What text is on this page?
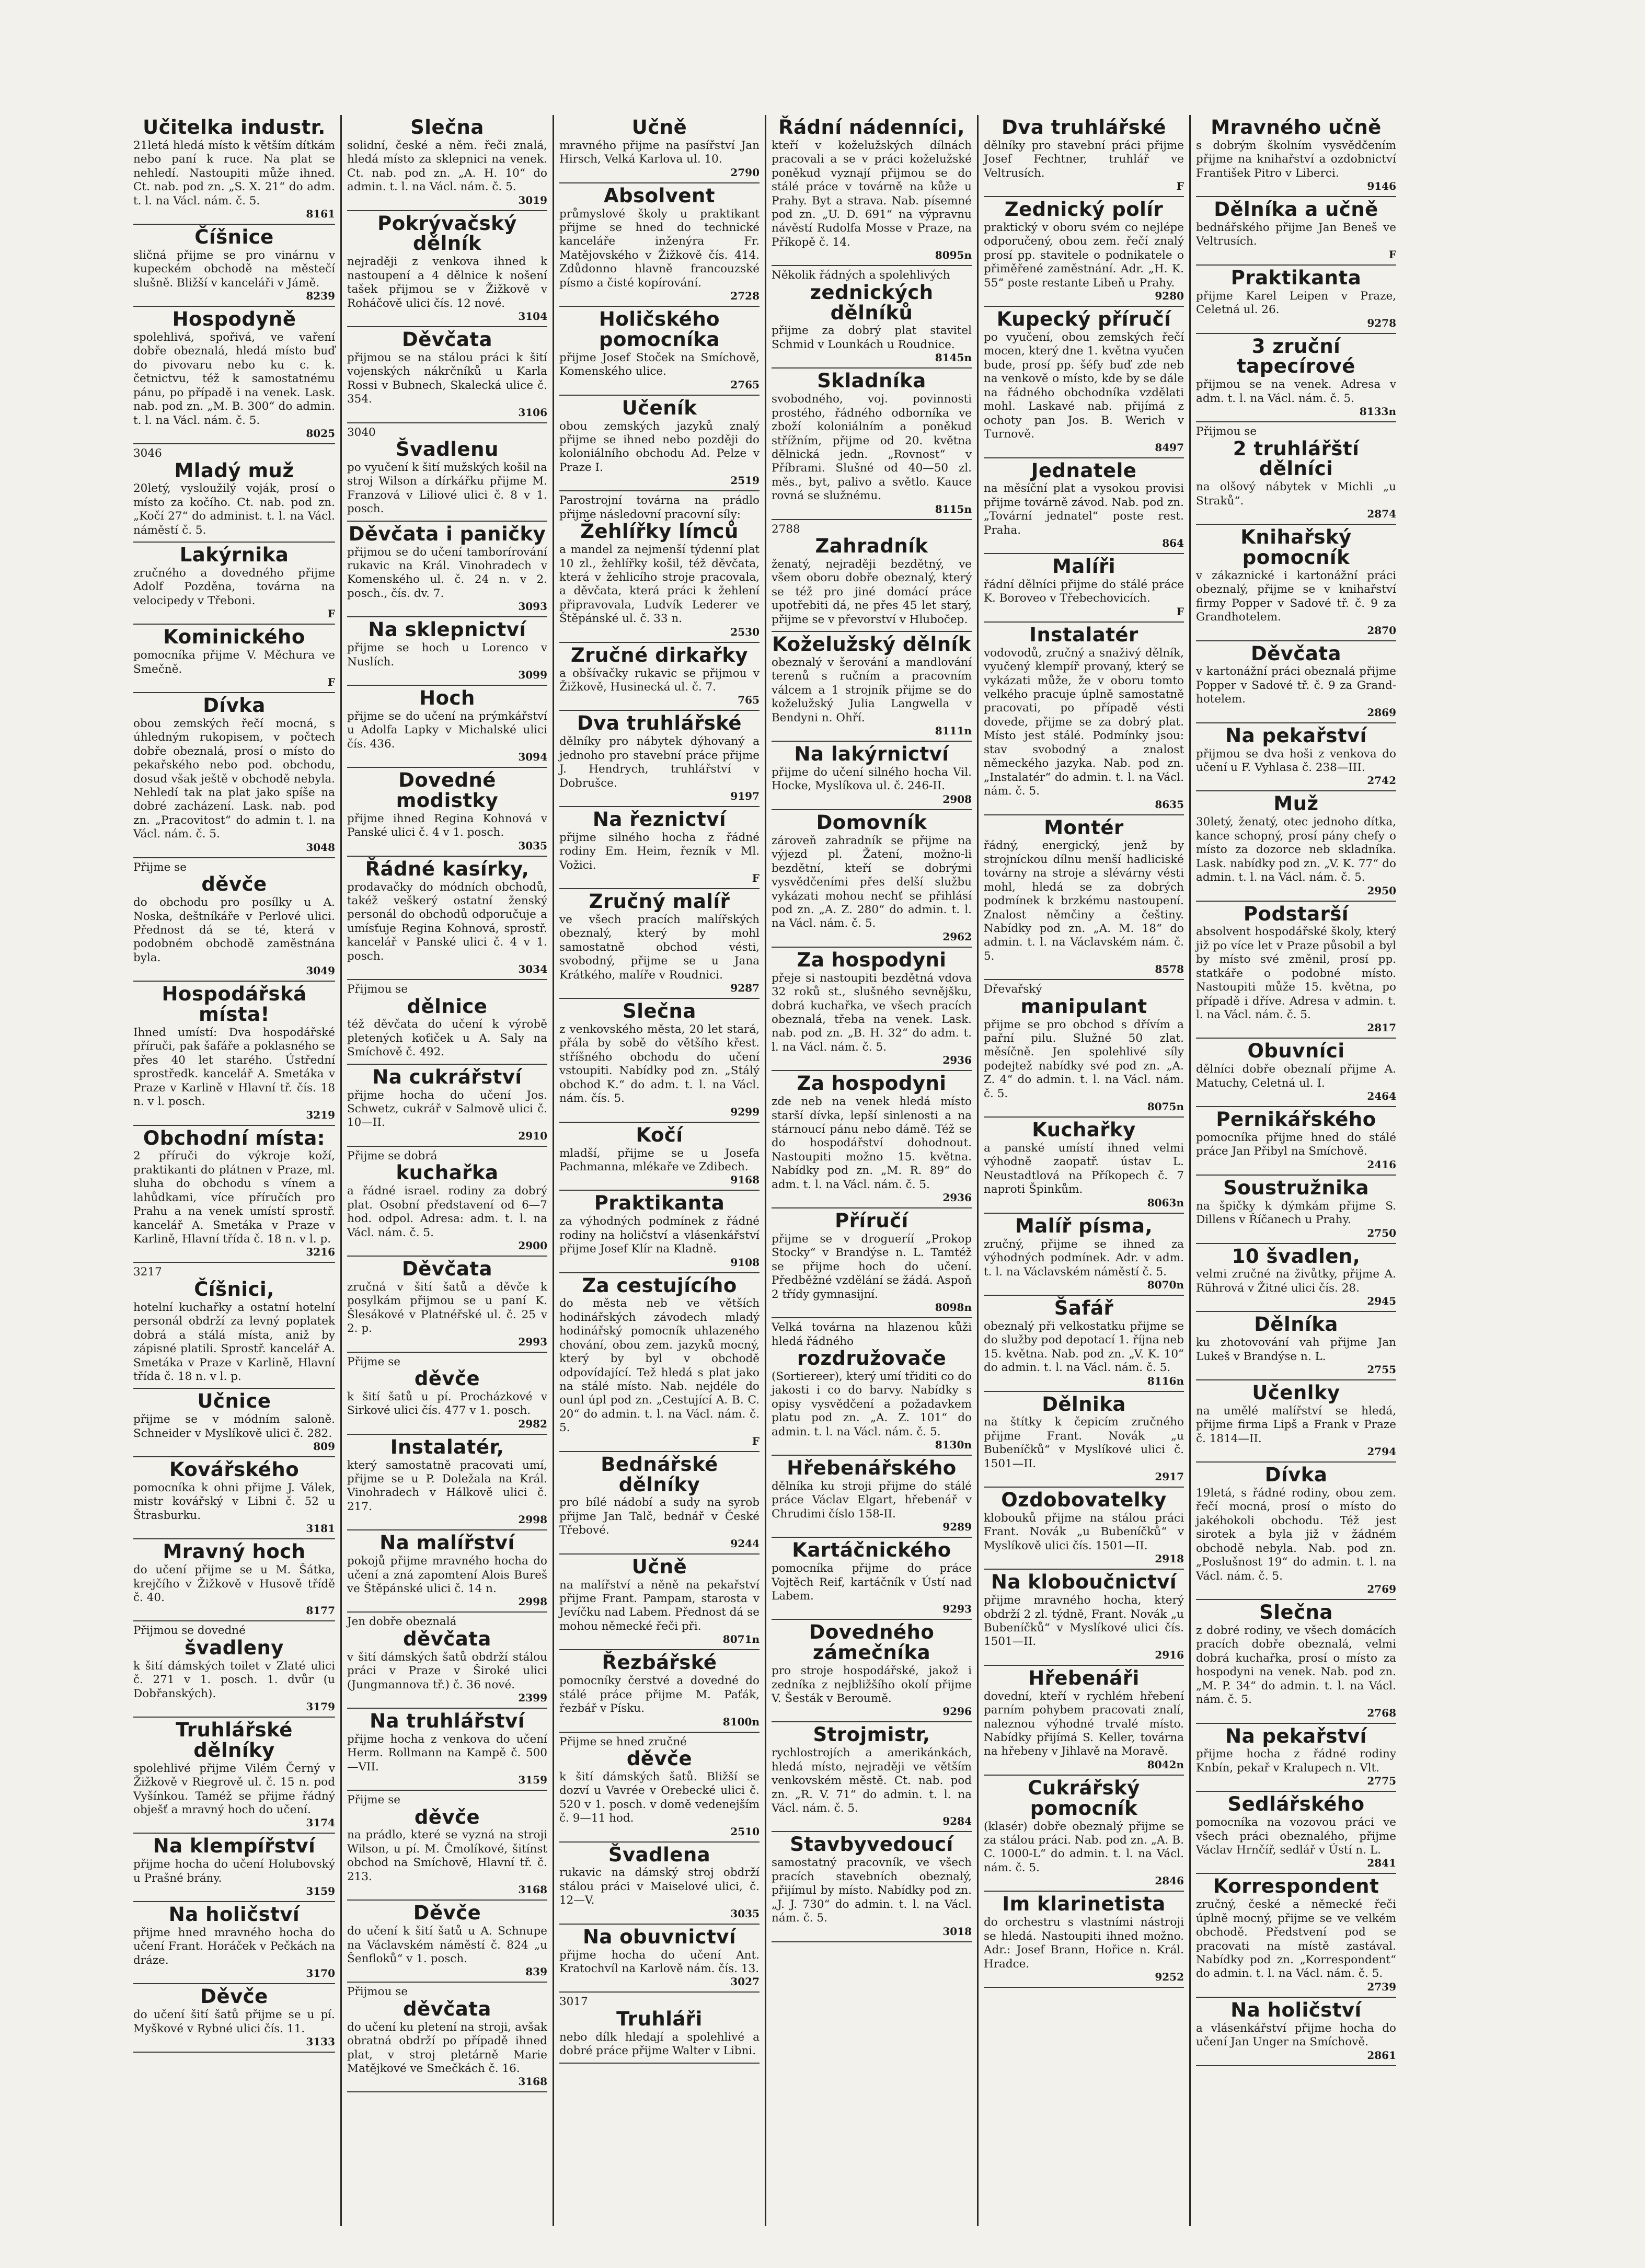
Učitelka industr.

21letá hledá místo k větším dítkám nebo paní k ruce. Na plat se nehledí. Nastoupiti může ihned. Ct. nab. pod zn. „S. X. 21“ do adm. t. l. na Václ. nám. č. 5.

8161
Číšnice

sličná přijme se pro vinárnu v kupeckém obchodě na městečí slušně. Bližší v kanceláři v Jámě.

8239
Hospodyně

spolehlivá, spořivá, ve vaření dobře obeznalá, hledá místo buď do pivovaru nebo ku c. k. četnictvu, též k samostatnému pánu, po případě i na venek. Lask. nab. pod zn. „M. B. 300“ do admin. t. l. na Václ. nám. č. 5.

8025

3046

Mladý muž

20letý, vysloužilý voják, prosí o místo za kočího. Ct. nab. pod zn. „Kočí 27“ do administ. t. l. na Václ. náměstí č. 5.

Lakýrnika

zručného a dovedného přijme Adolf Pozděna, továrna na velocipedy v Třeboni.

F
Kominického

pomocníka přijme V. Měchura ve Smečně.

F
Dívka

obou zemských řečí mocná, s úhledným rukopisem, v počtech dobře obeznalá, prosí o místo do pekařského nebo pod. obchodu, dosud však ještě v obchodě nebyla. Nehledí tak na plat jako spíše na dobré zacházení. Lask. nab. pod zn. „Pracovitost“ do admin t. l. na Václ. nám. č. 5.

3048

Přijme se

děvče

do obchodu pro posílky u A. Noska, deštníkáře v Perlové ulici. Přednost dá se té, která v podobném obchodě zaměstnána byla.

3049
Hospodářská místa!

Ihned umístí: Dva hospodářské příruči, pak šafáře a poklasného se přes 40 let starého. Ústřední sprostředk. kancelář A. Smetáka v Praze v Karlině v Hlavní tř. čís. 18 n. v l. posch.

3219
Obchodní místa:

2 příruči do výkroje koží, praktikanti do plátnen v Praze, ml. sluha do obchodu s vínem a lahůdkami, více příručích pro Prahu a na venek umístí sprostř. kancelář A. Smetáka v Praze v Karlině, Hlavní třída č. 18 n. v l. p.

3216

3217

Číšnici,

hotelní kuchařky a ostatní hotelní personál obdrží za levný poplatek dobrá a stálá místa, aniž by zápisné platili. Sprostř. kancelář A. Smetáka v Praze v Karlině, Hlavní třída č. 18 n. v l. p.

Učnice

přijme se v módním saloně. Schneider v Myslíkově ulici č. 282.

809
Kovářského

pomocníka k ohni přijme J. Válek, mistr kovářský v Libni č. 52 u Štrasburku.

3181
Mravný hoch

do učení přijme se u M. Šátka, krejčího v Žižkově v Husově třídě č. 40.

8177

Přijmou se dovedné

švadleny

k šití dámských toilet v Zlaté ulici č. 271 v 1. posch. 1. dvůr (u Dobřanských).

3179
Truhlářské dělníky

spolehlivé přijme Vilém Černý v Žižkově v Riegrově ul. č. 15 n. pod Vyšínkou. Taméž se přijme řádný obješť a mravný hoch do učení.

3174
Na klempířství

přijme hocha do učení Holubovský u Prašné brány.

3159
Na holičství

přijme hned mravného hocha do učení Frant. Horáček v Pečkách na dráze.

3170
Děvče

do učení šití šatů přijme se u pí. Myškové v Rybné ulici čís. 11.

3133
Slečna

solidní, české a něm. řeči znalá, hledá místo za sklepnici na venek. Ct. nab. pod zn. „A. H. 10“ do admin. t. l. na Václ. nám. č. 5.

3019
Pokrývačský dělník

nejraději z venkova ihned k nastoupení a 4 dělnice k nošení tašek přijmou se v Žižkově v Roháčově ulici čís. 12 nové.

3104
Děvčata

přijmou se na stálou práci k šití vojenských nákrčníků u Karla Rossi v Bubnech, Skalecká ulice č. 354.

3106

3040

Švadlenu

po vyučení k šití mužských košil na stroj Wilson a dírkářku přijme M. Franzová v Liliové ulici č. 8 v 1. posch.

Děvčata i paničky

přijmou se do učení tamborírování rukavic na Král. Vinohradech v Komenského ul. č. 24 n. v 2. posch., čís. dv. 7.

3093
Na sklepnictví

přijme se hoch u Lorenco v Nuslích.

3099
Hoch

přijme se do učení na prýmkářství u Adolfa Lapky v Michalské ulici čís. 436.

3094
Dovedné modistky

přijme ihned Regina Kohnová v Panské ulici č. 4 v 1. posch.

3035
Řádné kasírky,

prodavačky do módních obchodů, takéž veškerý ostatní ženský personál do obchodů odporučuje a umísťuje Regina Kohnová, sprostř. kancelář v Panské ulici č. 4 v 1. posch.

3034

Přijmou se

dělnice

též děvčata do učení k výrobě pletených koťiček u A. Saly na Smíchově č. 492.

Na cukrářství

přijme hocha do učení Jos. Schwetz, cukrář v Salmově ulici č. 10—II.

2910

Přijme se dobrá

kuchařka

a řádné israel. rodiny za dobrý plat. Osobní představení od 6—7 hod. odpol. Adresa: adm. t. l. na Václ. nám. č. 5.

2900
Děvčata

zručná v šití šatů a děvče k posylkám přijmou se u paní K. Šlesákové v Platnéřské ul. č. 25 v 2. p.

2993

Přijme se

děvče

k šití šatů u pí. Procházkové v Sirkové ulici čís. 477 v 1. posch.

2982
Instalatér,

který samostatně pracovati umí, přijme se u P. Doležala na Král. Vinohradech v Hálkově ulici č. 217.

2998
Na malířství

pokojů přijme mravného hocha do učení a zná zapomtení Alois Bureš ve Štěpánské ulici č. 14 n.

2998

Jen dobře obeznalá

děvčata

v šití dámských šatů obdrží stálou práci v Praze v Široké ulici (Jungmannova tř.) č. 36 nové.

2399
Na truhlářství

přijme hocha z venkova do učení Herm. Rollmann na Kampě č. 500—VII.

3159

Přijme se

děvče

na prádlo, které se vyzná na stroji Wilson, u pí. M. Čmolíkové, šitínst obchod na Smíchově, Hlavní tř. č. 213.

3168
Děvče

do učení k šití šatů u A. Schnupe na Václavském náměstí č. 824 „u Šenfloků“ v 1. posch.

839

Přijmou se

děvčata

do učení ku pletení na stroji, avšak obratná obdrží po případě ihned plat, v stroj pletárně Marie Matějkové ve Smečkách č. 16.

3168
Učně

mravného přijme na pasířství Jan Hirsch, Velká Karlova ul. 10.

2790
Absolvent

průmyslové školy u praktikant přijme se hned do technické kanceláře inženýra Fr. Matějovského v Žižkově čís. 414. Zdůdonno hlavně francouzské písmo a čisté kopírování.

2728
Holičského pomocníka

přijme Josef Stoček na Smíchově, Komenského ulice.

2765
Učeník

obou zemských jazyků znalý přijme se ihned nebo později do koloniálního obchodu Ad. Pelze v Praze I.

2519

Parostrojní továrna na prádlo přijme následovní pracovní síly:

Žehlířky límců

a mandel za nejmenší týdenní plat 10 zl., žehlířky košil, též děvčata, která v žehlicího stroje pracovala, a děvčata, která práci k žehlení připravovala, Ludvík Lederer ve Štěpánské ul. č. 33 n.

2530
Zručné dirkařky

a obšívačky rukavic se přijmou v Žižkově, Husinecká ul. č. 7.

765
Dva truhlářské

dělníky pro nábytek dýhovaný a jednoho pro stavební práce přijme J. Hendrych, truhlářství v Dobrušce.

9197
Na řeznictví

přijme silného hocha z řádné rodiny Em. Heim, řezník v Ml. Vožici.

F
Zručný malíř

ve všech pracích malířských obeznalý, který by mohl samostatně obchod vésti, svobodný, přijme se u Jana Krátkého, malíře v Roudnici.

9287
Slečna

z venkovského města, 20 let stará, přála by sobě do většího křest. stříšného obchodu do učení vstoupiti. Nabídky pod zn. „Stálý obchod K.“ do adm. t. l. na Václ. nám. čís. 5.

9299
Kočí

mladší, přijme se u Josefa Pachmanna, mlékaře ve Zdibech.

9168
Praktikanta

za výhodných podmínek z řádné rodiny na holičství a vlásenkářství přijme Josef Klír na Kladně.

9108
Za cestujícího

do města neb ve větších hodinářských závodech mladý hodinářský pomocník uhlazeného chování, obou zem. jazyků mocný, který by byl v obchodě odpovídající. Tež hledá s plat jako na stálé místo. Nab. nejdéle do ounl úpl pod zn. „Cestující A. B. C. 20“ do admin. t. l. na Václ. nám. č. 5.

F
Bednářské dělníky

pro bílé nádobí a sudy na syrob přijme Jan Talč, bednář v České Třebové.

9244
Učně

na malířství a něně na pekařství přijme Frant. Pampam, starosta v Jevíčku nad Labem. Přednost dá se mohou německé řeči při.

8071n
Řezbářské

pomocníky čerstvé a dovedné do stálé práce přijme M. Paťák, řezbář v Písku.

8100n

Přijme se hned zručné

děvče

k šití dámských šatů. Bližší se dozví u Vavrée v Orebecké ulici č. 520 v 1. posch. v domě vedenejším č. 9—11 hod.

2510
Švadlena

rukavic na dámský stroj obdrží stálou práci v Maiselové ulici, č. 12—V.

3035
Na obuvnictví

přijme hocha do učení Ant. Kratochvíl na Karlově nám. čís. 13.

3027

3017

Truhláři

nebo dílk hledají a spolehlivé a dobré práce přijme Walter v Libni.

Řádní nádenníci,

kteří v koželužských dílnách pracovali a se v práci koželužské poněkud vyznají přijmou se do stálé práce v továrně na kůže u Prahy. Byt a strava. Nab. písemné pod zn. „U. D. 691“ na výpravnu návěstí Rudolfa Mosse v Praze, na Příkopě č. 14.

8095n

Několik řádných a spolehlivých

zednických dělníků

přijme za dobrý plat stavitel Schmid v Lounkách u Roudnice.

8145n
Skladníka

svobodného, voj. povinnosti prostého, řádného odborníka ve zboží koloniálním a poněkud střížním, přijme od 20. května dělnická jedn. „Rovnost“ v Příbrami. Slušné od 40—50 zl. měs., byt, palivo a světlo. Kauce rovná se služnému.

8115n

2788

Zahradník

ženatý, nejraději bezdětný, ve všem oboru dobře obeznalý, který se též pro jiné domácí práce upotřebiti dá, ne přes 45 let starý, přijme se v převorství v Hluboc̆ep.

Koželužský dělník

obeznalý v šerování a mandlování terenů s ručním a pracovním válcem a 1 strojník přijme se do koželužský Julia Langwella v Bendyni n. Ohří.

8111n
Na lakýrnictví

přijme do učení silného hocha Vil. Hocke, Myslíkova ul. č. 246-II.

2908
Domovník

zároveň zahradník se přijme na výjezd pl. Žatení, možno-li bezdětní, kteří se dobrými vysvědčeními přes delší službu vykázati mohou nechť se přihlásí pod zn. „A. Z. 280“ do admin. t. l. na Václ. nám. č. 5.

2962
Za hospodyni

přeje si nastoupiti bezdětná vdova 32 roků st., slušného sevnějšku, dobrá kuchařka, ve všech pracích obeznalá, třeba na venek. Lask. nab. pod zn. „B. H. 32“ do adm. t. l. na Václ. nám. č. 5.

2936
Za hospodyni

zde neb na venek hledá místo starší dívka, lepší sinlenosti a na stárnoucí pánu nebo dámě. Též se do hospodářství dohodnout. Nastoupiti možno 15. května. Nabídky pod zn. „M. R. 89“ do adm. t. l. na Václ. nám. č. 5.

2936
Příručí

přijme se v drogueríí „Prokop Stocky“ v Brandýse n. L. Tamtéž se přijme hoch do učení. Předběžné vzdělání se žádá. Aspoň 2 třídy gymnasijní.

8098n

Velká továrna na hlazenou kůži hledá řádného

rozdružovače

(Sortiereer), který umí třiditi co do jakosti i co do barvy. Nabídky s opisy vysvědčení a požadavkem platu pod zn. „A. Z. 101“ do admin. t. l. na Václ. nám. č. 5.

8130n
Hřebenářského

dělníka ku stroji přijme do stálé práce Václav Elgart, hřebenář v Chrudimi číslo 158-II.

9289
Kartáčnického

pomocníka přijme do práce Vojtěch Reif, kartáčník v Ústí nad Labem.

9293
Dovedného zámečníka

pro stroje hospodářské, jakož i zedníka z nejbližšího okolí přijme V. Šesták v Beroumě.

9296
Strojmistr,

rychlostrojích a amerikánkách, hledá místo, nejraději ve větším venkovském městě. Ct. nab. pod zn. „R. V. 71“ do admin. t. l. na Václ. nám. č. 5.

9284
Stavbyvedoucí

samostatný pracovník, ve všech pracích stavebních obeznalý, přijímul by místo. Nabídky pod zn. „J. J. 730“ do admin. t. l. na Václ. nám. č. 5.

3018
Dva truhlářské

dělníky pro stavební práci přijme Josef Fechtner, truhlář ve Veltrusích.

F
Zednický polír

praktický v oboru svém co nejlépe odporučený, obou zem. řečí znalý prosí pp. stavitele o podnikatele o přiměřené zaměstnání. Adr. „H. K. 55“ poste restante Libeň u Prahy.

9280
Kupecký příručí

po vyučení, obou zemských řečí mocen, který dne 1. května vyučen bude, prosí pp. šéfy buď zde neb na venkově o místo, kde by se dále na řádného obchodníka vzdělati mohl. Laskavé nab. přijímá z ochoty pan Jos. B. Werich v Turnově.

8497
Jednatele

na měsíční plat a vysokou provisi přijme továrně závod. Nab. pod zn. „Tovární jednatel“ poste rest. Praha.

864
Malíři

řádní dělníci přijme do stálé práce K. Boroveo v Třebechovicích.

F
Instalatér

vodovodů, zručný a snaživý dělník, vyučený klempíř provaný, který se vykázati může, že v oboru tomto velkého pracuje úplně samostatně pracovati, po případě vésti dovede, přijme se za dobrý plat. Místo jest stálé. Podmínky jsou: stav svobodný a znalost německého jazyka. Nab. pod zn. „Instalatér“ do admin. t. l. na Václ. nám. č. 5.

8635
Montér

řádný, energický, jenž by strojníckou dílnu menší hadliciské továrny na stroje a slévárny vésti mohl, hledá se za dobrých podmínek k brzkému nastoupení. Znalost němčiny a češtiny. Nabídky pod zn. „A. M. 18“ do admin. t. l. na Václavském nám. č. 5.

8578

Dřevařský

manipulant

přijme se pro obchod s dřívím a pařní pilu. Služné 50 zlat. měsíčně. Jen spolehlivé síly podejtež nabídky své pod zn. „A. Z. 4“ do admin. t. l. na Václ. nám. č. 5.

8075n
Kuchařky

a panské umístí ihned velmi výhodně zaopatř. ústav L. Neustadtlová na Příkopech č. 7 naproti Špinkům.

8063n
Malíř písma,

zručný, přijme se ihned za výhodných podmínek. Adr. v adm. t. l. na Václavském náměstí č. 5.

8070n
Šafář

obeznalý při velkostatku přijme se do služby pod depotací 1. října neb 15. května. Nab. pod zn. „V. K. 10“ do admin. t. l. na Václ. nám. č. 5.

8116n
Dělnika

na štítky k čepicím zručného přijme Frant. Novák „u Bubeníčků“ v Myslíkové ulici č. 1501—II.

2917
Ozdobovatelky

klobouků přijme na stálou práci Frant. Novák „u Bubeníčků“ v Myslíkově ulici čís. 1501—II.

2918
Na kloboučnictví

přijme mravného hocha, který obdrží 2 zl. týdně, Frant. Novák „u Bubeníčků“ v Myslíkové ulici čís. 1501—II.

2916
Hřebenáři

dovední, kteří v rychlém hřebení parním pohybem pracovati znalí, naleznou výhodné trvalé místo. Nabídky přijímá S. Keller, továrna na hřebeny v Jihlavě na Moravě.

8042n
Cukrářský pomocník

(klasér) dobře obeznalý přijme se za stálou práci. Nab. pod zn. „A. B. C. 1000-L“ do admin. t. l. na Václ. nám. č. 5.

2846
Im klarinetista

do orchestru s vlastními nástroji se hledá. Nastoupiti ihned možno. Adr.: Josef Brann, Hořice n. Král. Hradce.

9252
Mravného učně

s dobrým školním vysvědčením přijme na knihařství a ozdobnictví František Pitro v Liberci.

9146
Dělníka a učně

bednářského přijme Jan Beneš ve Veltrusích.

F
Praktikanta

přijme Karel Leipen v Praze, Celetná ul. 26.

9278
3 zruční tapecírové

přijmou se na venek. Adresa v adm. t. l. na Václ. nám. č. 5.

8133n

Přijmou se

2 truhlářští dělníci

na olšový nábytek v Michli „u Straků“.

2874
Knihařský pomocník

v zákaznické i kartonážní práci obeznalý, přijme se v knihařství firmy Popper v Sadové tř. č. 9 za Grandhotelem.

2870
Děvčata

v kartonážní práci obeznalá přijme Popper v Sadové tř. č. 9 za Grand-hotelem.

2869
Na pekařství

přijmou se dva hoši z venkova do učení u F. Vyhlasa č. 238—III.

2742
Muž

30letý, ženatý, otec jednoho dítka, kance schopný, prosí pány chefy o místo za dozorce neb skladníka. Lask. nabídky pod zn. „V. K. 77“ do admin. t. l. na Václ. nám. č. 5.

2950
Podstarší

absolvent hospodářské školy, který již po více let v Praze působil a byl by místo své změnil, prosí pp. statkáře o podobné místo. Nastoupiti může 15. května, po případě i dříve. Adresa v admin. t. l. na Václ. nám. č. 5.

2817
Obuvníci

dělníci dobře obeznalí přijme A. Matuchy, Celetná ul. I.

2464
Pernikářského

pomocníka přijme hned do stálé práce Jan Přibyl na Smíchově.

2416
Soustružnika

na špičky k dýmkám přijme S. Dillens v Říčanech u Prahy.

2750
10 švadlen,

velmi zručné na živůtky, přijme A. Rührová v Žitné ulici čís. 28.

2945
Dělníka

ku zhotovování vah přijme Jan Lukeš v Brandýse n. L.

2755
Učenlky

na umělé malířství se hledá, přijme firma Lipš a Frank v Praze č. 1814—II.

2794
Dívka

19letá, s řádné rodiny, obou zem. řečí mocná, prosí o místo do jakéhokoli obchodu. Též jest sirotek a byla již v žádném obchodě nebyla. Nab. pod zn. „Poslušnost 19“ do admin. t. l. na Václ. nám. č. 5.

2769
Slečna

z dobré rodiny, ve všech domácích pracích dobře obeznalá, velmi dobrá kuchařka, prosí o místo za hospodyni na venek. Nab. pod zn. „M. P. 34“ do admin. t. l. na Václ. nám. č. 5.

2768
Na pekařství

přijme hocha z řádné rodiny Knbín, pekař v Kralupech n. Vlt.

2775
Sedlářského

pomocníka na vozovou práci ve všech práci obeznalého, přijme Václav Hrnčíř, sedlář v Ústí n. L.

2841
Korrespondent

zručný, české a německé řeči úplně mocný, přijme se ve velkém obchodě. Předstvení pod se pracovati na místě zastával. Nabídky pod zn. „Korrespondent“ do admin. t. l. na Václ. nám. č. 5.

2739
Na holičství

a vlásenkářství přijme hocha do učení Jan Unger na Smíchově.

2861
